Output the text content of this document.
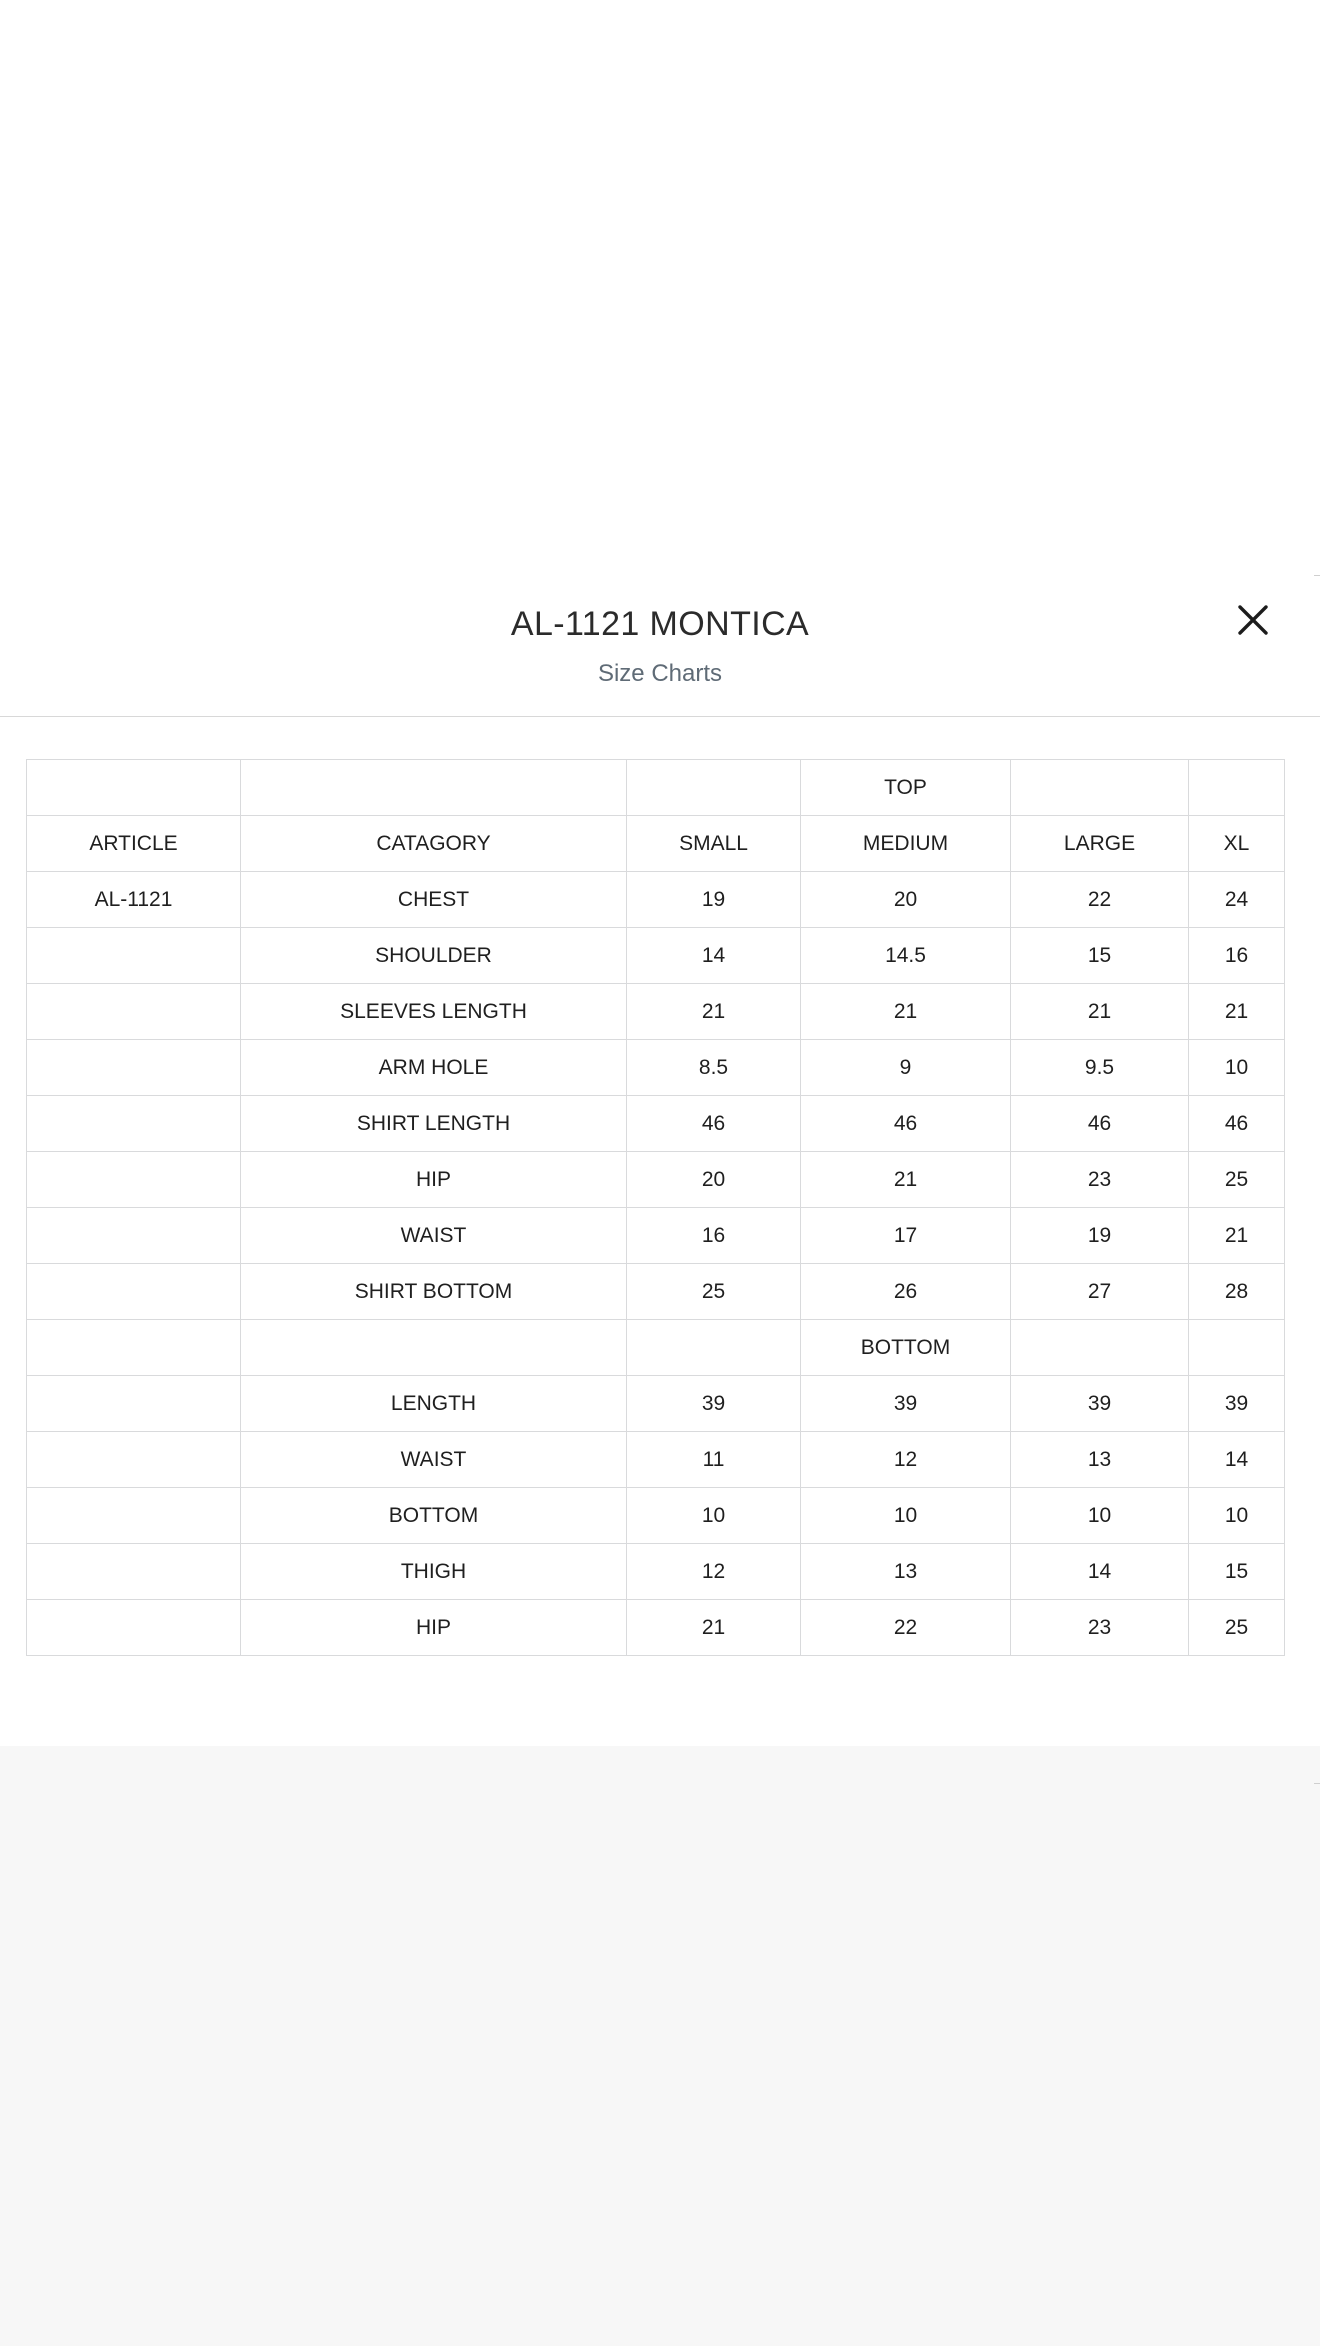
AL-1121 MONTICA
Size Charts
			TOP		
ARTICLE	CATAGORY	SMALL	MEDIUM	LARGE	XL
AL-1121	CHEST	19	20	22	24
	SHOULDER	14	14.5	15	16
	SLEEVES LENGTH	21	21	21	21
	ARM HOLE	8.5	9	9.5	10
	SHIRT LENGTH	46	46	46	46
	HIP	20	21	23	25
	WAIST	16	17	19	21
	SHIRT BOTTOM	25	26	27	28
			BOTTOM		
	LENGTH	39	39	39	39
	WAIST	11	12	13	14
	BOTTOM	10	10	10	10
	THIGH	12	13	14	15
	HIP	21	22	23	25
